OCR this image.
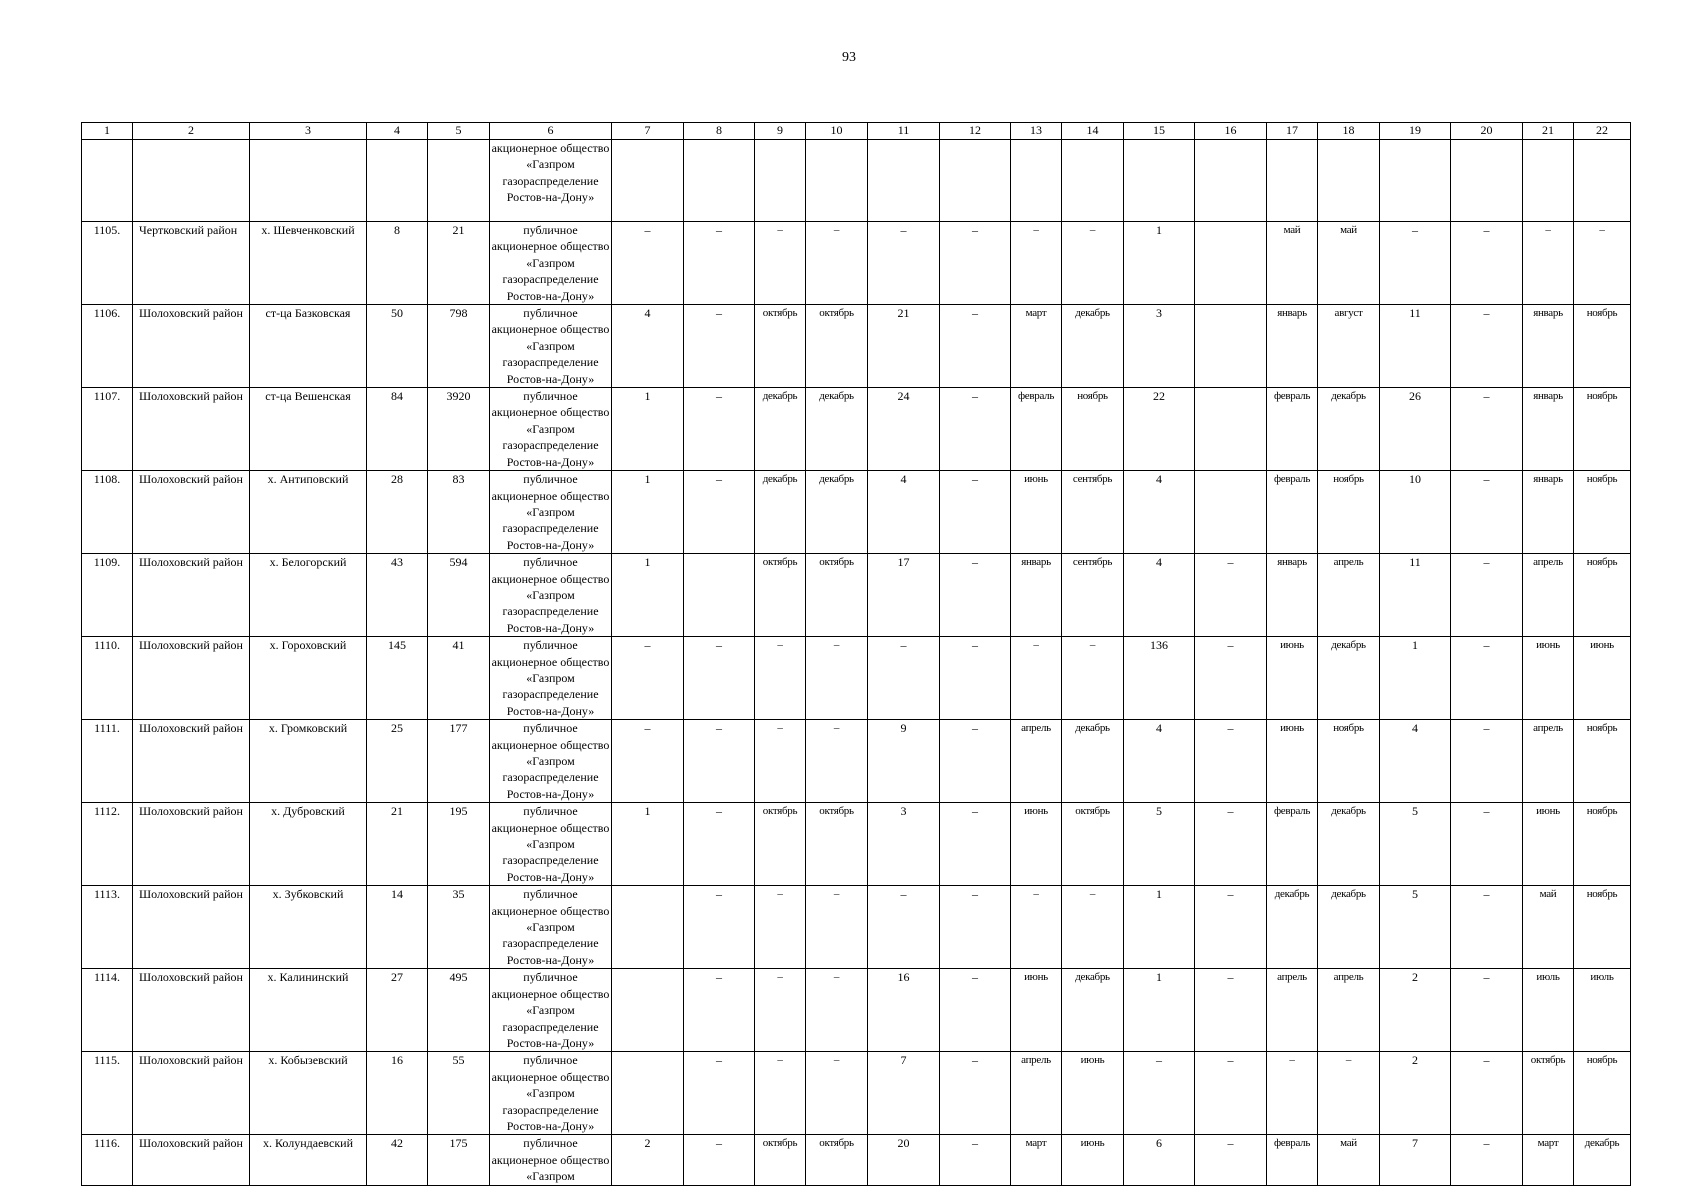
93
1	2	3	4	5	6	7	8	9	10	11	12	13	14	15	16	17	18	19	20	21	22
					акционерное общество «Газпром газораспределение Ростов-на-Дону»																
1105.	Чертковский район	х. Шевченковский	8	21	публичное акционерное общество «Газпром газораспределение Ростов-на-Дону»	–	–	–	–	–	–	–	–	1		май	май	–	–	–	–
1106.	Шолоховский район	ст-ца Базковская	50	798	публичное акционерное общество «Газпром газораспределение Ростов-на-Дону»	4	–	октябрь	октябрь	21	–	март	декабрь	3		январь	август	11	–	январь	ноябрь
1107.	Шолоховский район	ст-ца Вешенская	84	3920	публичное акционерное общество «Газпром газораспределение Ростов-на-Дону»	1	–	декабрь	декабрь	24	–	февраль	ноябрь	22		февраль	декабрь	26	–	январь	ноябрь
1108.	Шолоховский район	х. Антиповский	28	83	публичное акционерное общество «Газпром газораспределение Ростов-на-Дону»	1	–	декабрь	декабрь	4	–	июнь	сентябрь	4		февраль	ноябрь	10	–	январь	ноябрь
1109.	Шолоховский район	х. Белогорский	43	594	публичное акционерное общество «Газпром газораспределение Ростов-на-Дону»	1		октябрь	октябрь	17	–	январь	сентябрь	4	–	январь	апрель	11	–	апрель	ноябрь
1110.	Шолоховский район	х. Гороховский	145	41	публичное акционерное общество «Газпром газораспределение Ростов-на-Дону»	–	–	–	–	–	–	–	–	136	–	июнь	декабрь	1	–	июнь	июнь
1111.	Шолоховский район	х. Громковский	25	177	публичное акционерное общество «Газпром газораспределение Ростов-на-Дону»	–	–	–	–	9	–	апрель	декабрь	4	–	июнь	ноябрь	4	–	апрель	ноябрь
1112.	Шолоховский район	х. Дубровский	21	195	публичное акционерное общество «Газпром газораспределение Ростов-на-Дону»	1	–	октябрь	октябрь	3	–	июнь	октябрь	5	–	февраль	декабрь	5	–	июнь	ноябрь
1113.	Шолоховский район	х. Зубковский	14	35	публичное акционерное общество «Газпром газораспределение Ростов-на-Дону»		–	–	–	–	–	–	–	1	–	декабрь	декабрь	5	–	май	ноябрь
1114.	Шолоховский район	х. Калининский	27	495	публичное акционерное общество «Газпром газораспределение Ростов-на-Дону»		–	–	–	16	–	июнь	декабрь	1	–	апрель	апрель	2	–	июль	июль
1115.	Шолоховский район	х. Кобызевский	16	55	публичное акционерное общество «Газпром газораспределение Ростов-на-Дону»		–	–	–	7	–	апрель	июнь	–	–	–	–	2	–	октябрь	ноябрь
1116.	Шолоховский район	х. Колундаевский	42	175	публичное акционерное общество «Газпром	2	–	октябрь	октябрь	20	–	март	июнь	6	–	февраль	май	7	–	март	декабрь
